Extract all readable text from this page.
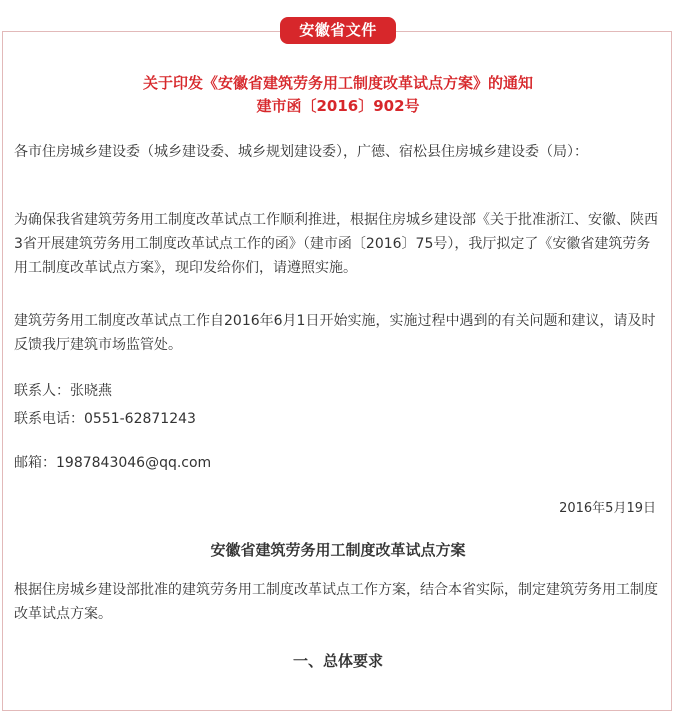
安徽省文件
关于印发《安徽省建筑劳务用工制度改革试点方案》的通知
建市函〔2016〕902号

各市住房城乡建设委（城乡建设委、城乡规划建设委），广德、宿松县住房城乡建设委（局）：

为确保我省建筑劳务用工制度改革试点工作顺利推进，根据住房城乡建设部《关于批准浙江、安徽、陕西3省开展建筑劳务用工制度改革试点工作的函》（建市函〔2016〕75号），我厅拟定了《安徽省建筑劳务用工制度改革试点方案》，现印发给你们，请遵照实施。

建筑劳务用工制度改革试点工作自2016年6月1日开始实施，实施过程中遇到的有关问题和建议，请及时反馈我厅建筑市场监管处。

联系人：张晓燕

联系电话：0551-62871243

邮箱：1987843046@qq.com

2016年5月19日
安徽省建筑劳务用工制度改革试点方案

根据住房城乡建设部批准的建筑劳务用工制度改革试点工作方案，结合本省实际，制定建筑劳务用工制度改革试点方案。

一、总体要求
